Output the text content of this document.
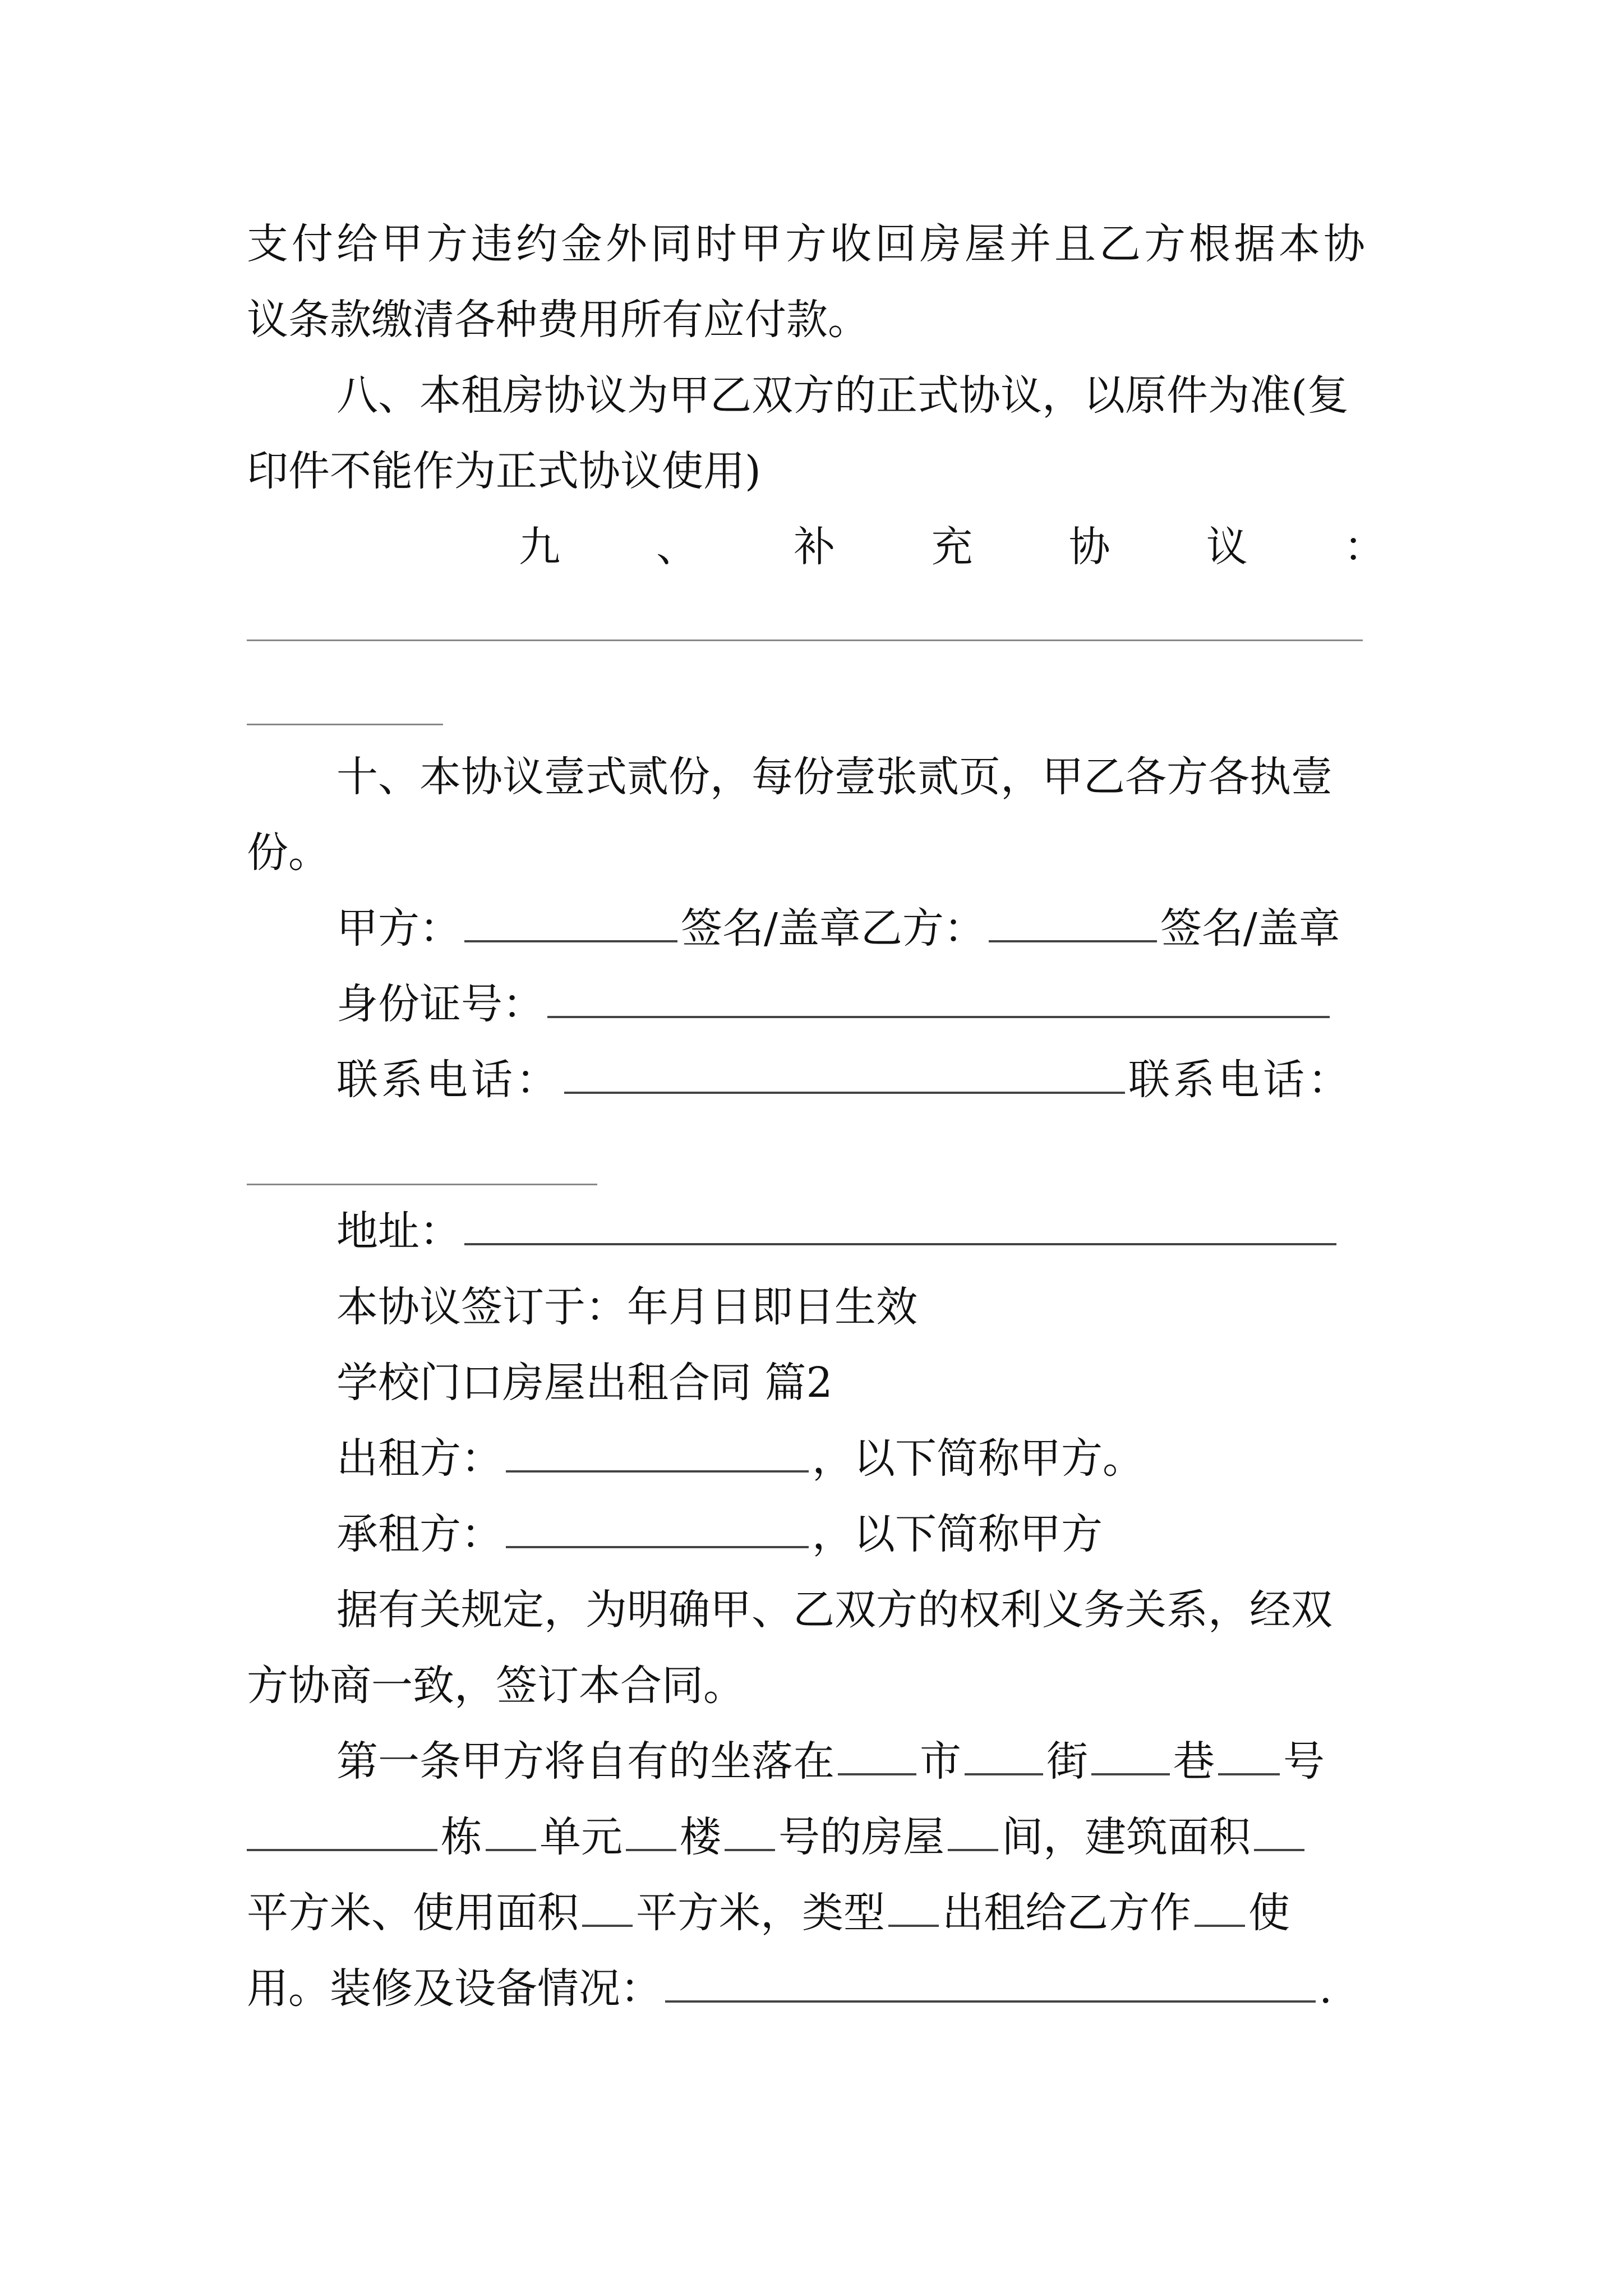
支付给甲方违约金外同时甲方收回房屋并且乙方根据本协
议条款缴清各种费用所有应付款。
八、本租房协议为甲乙双方的正式协议，以原件为准(复
印件不能作为正式协议使用)
九 、 补 充 协 议 ：
十、本协议壹式贰份，每份壹张贰页，甲乙各方各执壹
份。
甲方：	签名/盖章乙方：	签名/盖章
身份证号：
联系电话：	联系电话：
地址：
本协议签订于：年月日即日生效
学校门口房屋出租合同 篇2
出租方：	，以下简称甲方。
承租方：	，以下简称甲方
据有关规定，为明确甲、乙双方的权利义务关系，经双
方协商一致，签订本合同。
第一条甲方将自有的坐落在 市 街 巷 号
栋 单元 楼 号的房屋 间，建筑面积
平方米、使用面积 平方米，类型 出租给乙方作 使
用。装修及设备情况：	.
